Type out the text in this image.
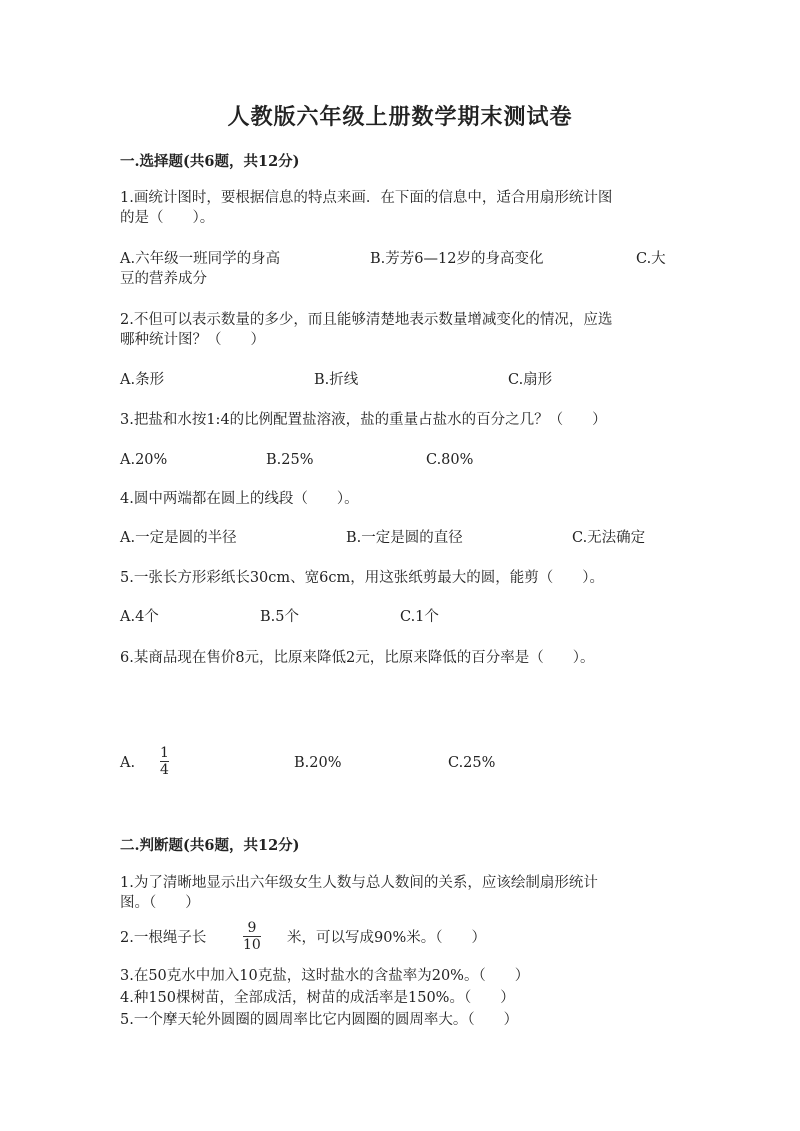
人教版六年级上册数学期末测试卷
一.选择题(共6题，共12分)
1.画统计图时，要根据信息的特点来画．在下面的信息中，适合用扇形统计图
的是（　　）。
A.六年级一班同学的身高	B.芳芳6—12岁的身高变化	C.大
豆的营养成分
2.不但可以表示数量的多少，而且能够清楚地表示数量增减变化的情况，应选
哪种统计图？（　　）
A.条形	B.折线	C.扇形
3.把盐和水按1:4的比例配置盐溶液，盐的重量占盐水的百分之几？（　　）
A.20%	B.25%	C.80%
4.圆中两端都在圆上的线段（　　）。
A.一定是圆的半径	B.一定是圆的直径	C.无法确定
5.一张长方形彩纸长30cm、宽6cm，用这张纸剪最大的圆，能剪（　　）。
A.4个	B.5个	C.1个
6.某商品现在售价8元，比原来降低2元，比原来降低的百分率是（　　）。
A.
1
4	B.20%	C.25%
二.判断题(共6题，共12分)
1.为了清晰地显示出六年级女生人数与总人数间的关系，应该绘制扇形统计
图。（　　）
2.一根绳子长
9
10 米，可以写成90%米。（　　）
3.在50克水中加入10克盐，这时盐水的含盐率为20%。（　　）
4.种150棵树苗，全部成活，树苗的成活率是150%。（　　）
5.一个摩天轮外圆圈的圆周率比它内圆圈的圆周率大。（　　）
